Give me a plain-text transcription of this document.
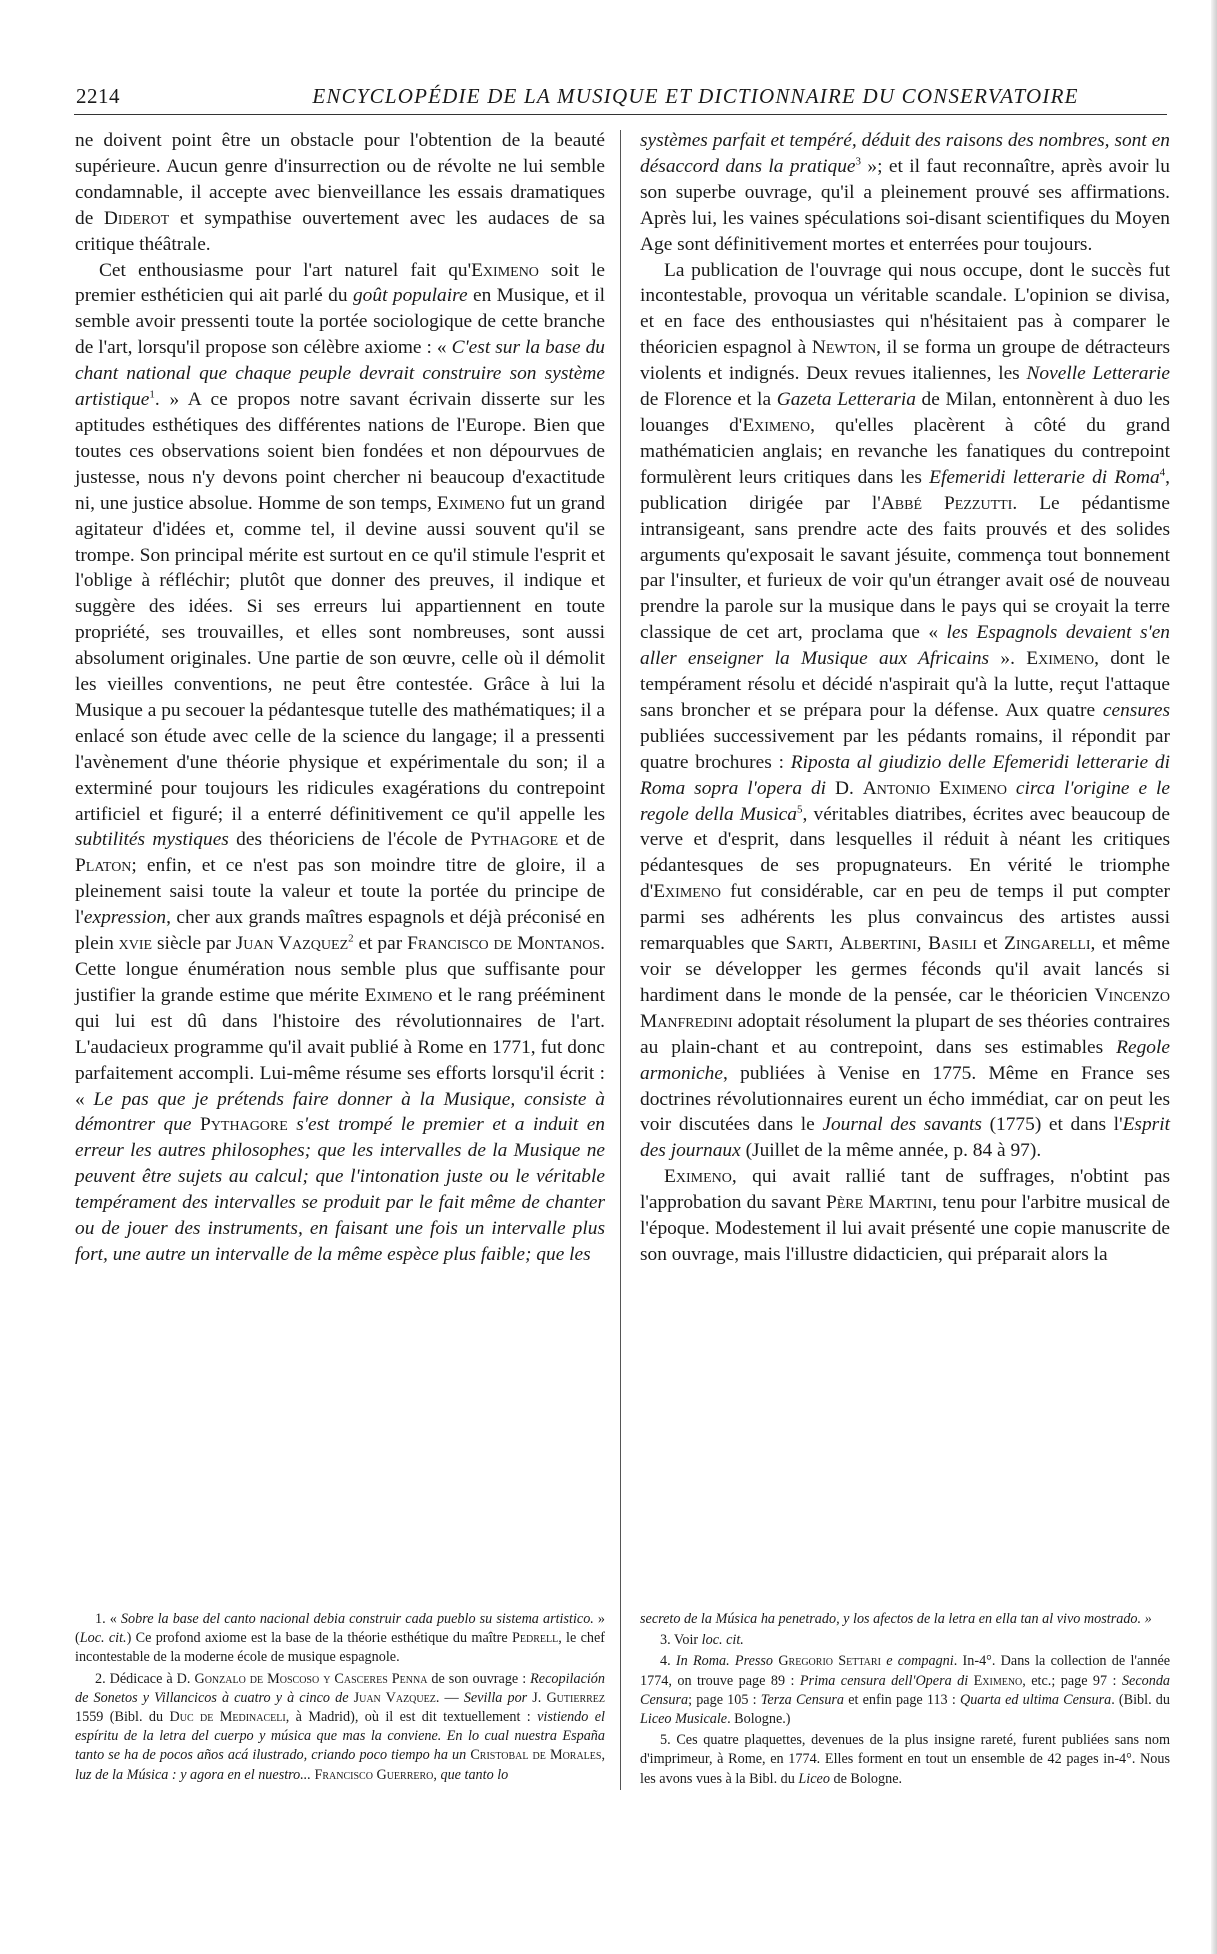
2214	ENCYCLOPÉDIE DE LA MUSIQUE ET DICTIONNAIRE DU CONSERVATOIRE

ne doivent point être un obstacle pour l'obtention de la beauté supérieure. Aucun genre d'insurrection ou de révolte ne lui semble condamnable, il accepte avec bienveillance les essais dramatiques de Diderot et sympathise ouvertement avec les audaces de sa critique théâtrale.

Cet enthousiasme pour l'art naturel fait qu'Eximeno soit le premier esthéticien qui ait parlé du goût populaire en Musique, et il semble avoir pressenti toute la portée sociologique de cette branche de l'art, lorsqu'il propose son célèbre axiome : « C'est sur la base du chant national que chaque peuple devrait construire son système artistique$^1$. » A ce propos notre savant écrivain disserte sur les aptitudes esthétiques des différentes nations de l'Europe. Bien que toutes ces observations soient bien fondées et non dépourvues de justesse, nous n'y devons point chercher ni beaucoup d'exactitude ni, une justice absolue. Homme de son temps, Eximeno fut un grand agitateur d'idées et, comme tel, il devine aussi souvent qu'il se trompe. Son principal mérite est surtout en ce qu'il stimule l'esprit et l'oblige à réfléchir; plutôt que donner des preuves, il indique et suggère des idées. Si ses erreurs lui appartiennent en toute propriété, ses trouvailles, et elles sont nombreuses, sont aussi absolument originales. Une partie de son œuvre, celle où il démolit les vieilles conventions, ne peut être contestée. Grâce à lui la Musique a pu secouer la pédantesque tutelle des mathématiques; il a enlacé son étude avec celle de la science du langage; il a pressenti l'avènement d'une théorie physique et expérimentale du son; il a exterminé pour toujours les ridicules exagérations du contrepoint artificiel et figuré; il a enterré définitivement ce qu'il appelle les subtilités mystiques des théoriciens de l'école de Pythagore et de Platon; enfin, et ce n'est pas son moindre titre de gloire, il a pleinement saisi toute la valeur et toute la portée du principe de l'expression, cher aux grands maîtres espagnols et déjà préconisé en plein xvie siècle par Juan Vazquez$^2$ et par Francisco de Montanos. Cette longue énumération nous semble plus que suffisante pour justifier la grande estime que mérite Eximeno et le rang prééminent qui lui est dû dans l'histoire des révolutionnaires de l'art. L'audacieux programme qu'il avait publié à Rome en 1771, fut donc parfaitement accompli. Lui-même résume ses efforts lorsqu'il écrit : « Le pas que je prétends faire donner à la Musique, consiste à démontrer que Pythagore s'est trompé le premier et a induit en erreur les autres philosophes; que les intervalles de la Musique ne peuvent être sujets au calcul; que l'intonation juste ou le véritable tempérament des intervalles se produit par le fait même de chanter ou de jouer des instruments, en faisant une fois un intervalle plus fort, une autre un intervalle de la même espèce plus faible; que les

systèmes parfait et tempéré, déduit des raisons des nombres, sont en désaccord dans la pratique$^3$ »; et il faut reconnaître, après avoir lu son superbe ouvrage, qu'il a pleinement prouvé ses affirmations. Après lui, les vaines spéculations soi-disant scientifiques du Moyen Age sont définitivement mortes et enterrées pour toujours.

La publication de l'ouvrage qui nous occupe, dont le succès fut incontestable, provoqua un véritable scandale. L'opinion se divisa, et en face des enthousiastes qui n'hésitaient pas à comparer le théoricien espagnol à Newton, il se forma un groupe de détracteurs violents et indignés. Deux revues italiennes, les Novelle Letterarie de Florence et la Gazeta Letteraria de Milan, entonnèrent à duo les louanges d'Eximeno, qu'elles placèrent à côté du grand mathématicien anglais; en revanche les fanatiques du contrepoint formulèrent leurs critiques dans les Efemeridi letterarie di Roma$^4$, publication dirigée par l'Abbé Pezzutti. Le pédantisme intransigeant, sans prendre acte des faits prouvés et des solides arguments qu'exposait le savant jésuite, commença tout bonnement par l'insulter, et furieux de voir qu'un étranger avait osé de nouveau prendre la parole sur la musique dans le pays qui se croyait la terre classique de cet art, proclama que « les Espagnols devaient s'en aller enseigner la Musique aux Africains ». Eximeno, dont le tempérament résolu et décidé n'aspirait qu'à la lutte, reçut l'attaque sans broncher et se prépara pour la défense. Aux quatre censures publiées successivement par les pédants romains, il répondit par quatre brochures : Riposta al giudizio delle Efemeridi letterarie di Roma sopra l'opera di D. Antonio Eximeno circa l'origine e le regole della Musica$^5$, véritables diatribes, écrites avec beaucoup de verve et d'esprit, dans lesquelles il réduit à néant les critiques pédantesques de ses propugnateurs. En vérité le triomphe d'Eximeno fut considérable, car en peu de temps il put compter parmi ses adhérents les plus convaincus des artistes aussi remarquables que Sarti, Albertini, Basili et Zingarelli, et même voir se développer les germes féconds qu'il avait lancés si hardiment dans le monde de la pensée, car le théoricien Vincenzo Manfredini adoptait résolument la plupart de ses théories contraires au plain-chant et au contrepoint, dans ses estimables Regole armoniche, publiées à Venise en 1775. Même en France ses doctrines révolutionnaires eurent un écho immédiat, car on peut les voir discutées dans le Journal des savants (1775) et dans l'Esprit des journaux (Juillet de la même année, p. 84 à 97).

Eximeno, qui avait rallié tant de suffrages, n'obtint pas l'approbation du savant Père Martini, tenu pour l'arbitre musical de l'époque. Modestement il lui avait présenté une copie manuscrite de son ouvrage, mais l'illustre didacticien, qui préparait alors la

1. « Sobre la base del canto nacional debia construir cada pueblo su sistema artistico. » (Loc. cit.) Ce profond axiome est la base de la théorie esthétique du maître Pedrell, le chef incontestable de la moderne école de musique espagnole.

2. Dédicace à D. Gonzalo de Moscoso y Casceres Penna de son ouvrage : Recopilación de Sonetos y Villancicos à cuatro y à cinco de Juan Vazquez. — Sevilla por J. Gutierrez 1559 (Bibl. du Duc de Medinaceli, à Madrid), où il est dit textuellement : vistiendo el espíritu de la letra del cuerpo y música que mas la conviene. En lo cual nuestra España tanto se ha de pocos años acá ilustrado, criando poco tiempo ha un Cristobal de Morales, luz de la Música : y agora en el nuestro... Francisco Guerrero, que tanto lo

secreto de la Música ha penetrado, y los afectos de la letra en ella tan al vivo mostrado. »

3. Voir loc. cit.

4. In Roma. Presso Gregorio Settari e compagni. In-4°. Dans la collection de l'année 1774, on trouve page 89 : Prima censura dell'Opera di Eximeno, etc.; page 97 : Seconda Censura; page 105 : Terza Censura et enfin page 113 : Quarta ed ultima Censura. (Bibl. du Liceo Musicale. Bologne.)

5. Ces quatre plaquettes, devenues de la plus insigne rareté, furent publiées sans nom d'imprimeur, à Rome, en 1774. Elles forment en tout un ensemble de 42 pages in-4°. Nous les avons vues à la Bibl. du Liceo de Bologne.
